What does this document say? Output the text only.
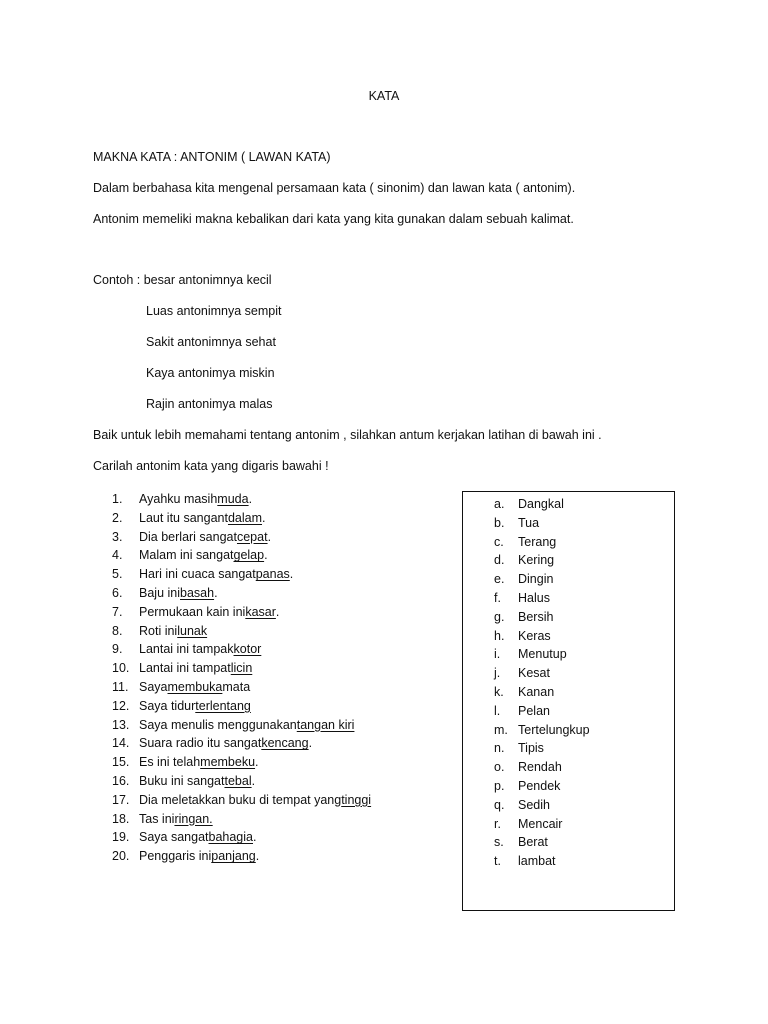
KATA
MAKNA KATA : ANTONIM ( LAWAN KATA)
Dalam berbahasa kita mengenal persamaan kata ( sinonim) dan lawan kata ( antonim).
Antonim memeliki makna kebalikan dari kata yang kita gunakan dalam sebuah kalimat.
Contoh : besar antonimnya kecil
Luas antonimnya sempit
Sakit antonimnya sehat
Kaya antonimya miskin
Rajin antonimya malas
Baik untuk lebih memahami tentang antonim , silahkan antum kerjakan latihan di bawah ini .
Carilah antonim kata yang digaris bawahi !
1.	Ayahku masih muda .
2.	Laut itu sangant dalam .
3.	Dia berlari sangat cepat .
4.	Malam ini sangat gelap .
5.	Hari ini cuaca sangat panas .
6.	Baju ini basah .
7.	Permukaan kain ini kasar .
8.	Roti ini lunak
9.	Lantai ini tampak kotor
10. Lantai ini tampat licin
11. Saya membuka mata
12. Saya tidur terlentang
13. Saya menulis menggunakan tangan kiri
14. Suara radio itu sangat kencang .
15. Es ini telah membeku .
16. Buku ini sangat tebal .
17. Dia meletakkan buku di tempat yang tinggi
18. Tas ini ringan.
19. Saya sangat bahagia .
20. Penggaris ini panjang .
a.	Dangkal
b.	Tua
c.	Terang
d.	Kering
e.	Dingin
f.	Halus
g.	Bersih
h.	Keras
i.	Menutup
j.	Kesat
k.	Kanan
l.	Pelan
m. Tertelungkup
n.	Tipis
o.	Rendah
p.	Pendek
q.	Sedih
r.	Mencair
s.	Berat
t.	lambat
